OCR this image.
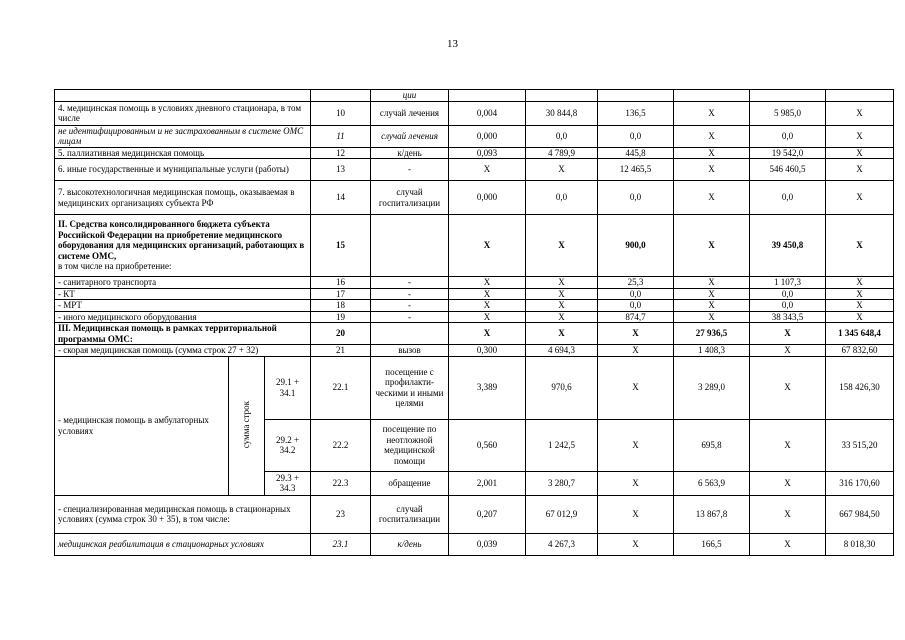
13
				ции							
4. медицинская помощь в условиях дневного стационара, в том числе			10	случай лечения	0,004	30 844,8	136,5	X	5 985,0	X	
не идентифицированным и не застрахованным в системе ОМС лицам			11	случай лечения	0,000	0,0	0,0	X	0,0	X	
5. паллиативная медицинская помощь			12	к/день	0,093	4 789,9	445,8	X	19 542,0	X	
6. иные государственные и муниципальные услуги (работы)			13	-	X	X	12 465,5	X	546 460,5	X	
7. высокотехнологичная медицинская помощь, оказываемая в медицинских организациях субъекта РФ			14	случай госпитализации	0,000	0,0	0,0	X	0,0	X	
II. Средства консолидированного бюджета субъекта Российской Федерации на приобретение медицинского оборудования для медицинских организаций, работающих в системе ОМС,
в том числе на приобретение:			15		X	X	900,0	X	39 450,8	X	
- санитарного транспорта			16	-	X	X	25,3	X	1 107,3	X	
- КТ			17	-	X	X	0,0	X	0,0	X	
- МРТ			18	-	X	X	0,0	X	0,0	X	
- иного медицинского оборудования			19	-	X	X	874,7	X	38 343,5	X	
III. Медицинская помощь в рамках территориальной программы ОМС:			20		X	X	X	27 936,5	X	1 345 648,4	
- скорая медицинская помощь (сумма строк 27 + 32)			21	вызов	0,300	4 694,3	X	1 408,3	X	67 832,60	
- медицинская помощь в амбулаторных условиях	сумма строк	29.1 + 34.1	22.1	посещение с профилакти-ческими и иными целями	3,389	970,6	X	3 289,0	X	158 426,30	
		29.2 + 34.2	22.2	посещение по неотложной медицинской помощи	0,560	1 242,5	X	695,8	X	33 515,20	
		29.3 + 34.3	22.3	обращение	2,001	3 280,7	X	6 563,9	X	316 170,60	
- специализированная медицинская помощь в стационарных условиях (сумма строк 30 + 35), в том числе:			23	случай госпитализации	0,207	67 012,9	X	13 867,8	X	667 984,50	
медицинская реабилитация в стационарных условиях			23.1	к/день	0,039	4 267,3	X	166,5	X	8 018,30	
